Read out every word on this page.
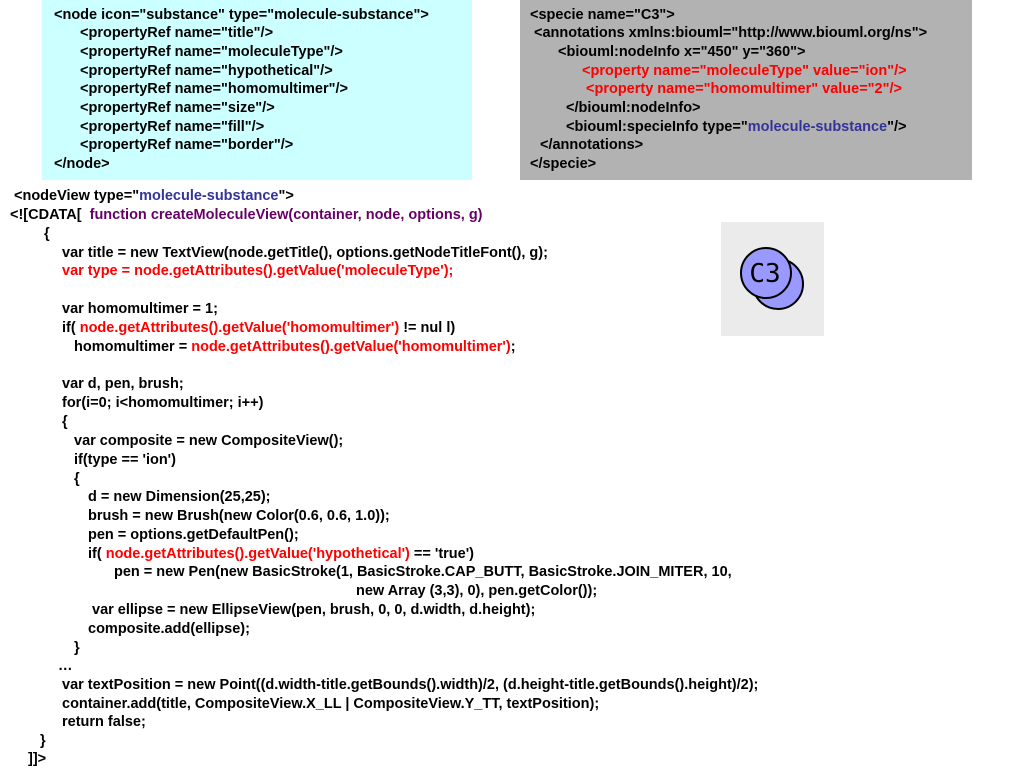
<node icon="substance" type="molecule-substance">
<propertyRef name="title"/>
<propertyRef name="moleculeType"/>
<propertyRef name="hypothetical"/>
<propertyRef name="homomultimer"/>
<propertyRef name="size"/>
<propertyRef name="fill"/>
<propertyRef name="border"/>
</node>
<specie name="C3">
<annotations xmlns:biouml="http://www.biouml.org/ns">
<biouml:nodeInfo x="450" y="360">
<property name="moleculeType" value="ion"/>
<property name="homomultimer" value="2"/>
</biouml:nodeInfo>
<biouml:specieInfo type="molecule-substance"/>
</annotations>
</specie>
<nodeView type="molecule-substance">
<![CDATA[ function createMoleculeView(container, node, options, g)
{
var title = new TextView(node.getTitle(), options.getNodeTitleFont(), g);
var type = node.getAttributes().getValue('moleculeType');
var homomultimer = 1;
if( node.getAttributes().getValue('homomultimer') != nul l)
homomultimer = node.getAttributes().getValue('homomultimer');
var d, pen, brush;
for(i=0; i<homomultimer; i++)
{
var composite = new CompositeView();
if(type == 'ion')
{
d = new Dimension(25,25);
brush = new Brush(new Color(0.6, 0.6, 1.0));
pen = options.getDefaultPen();
if( node.getAttributes().getValue('hypothetical') == 'true')
pen = new Pen(new BasicStroke(1, BasicStroke.CAP_BUTT, BasicStroke.JOIN_MITER, 10,
new Array (3,3), 0), pen.getColor());
var ellipse = new EllipseView(pen, brush, 0, 0, d.width, d.height);
composite.add(ellipse);
}
…
var textPosition = new Point((d.width-title.getBounds().width)/2, (d.height-title.getBounds().height)/2);
container.add(title, CompositeView.X_LL | CompositeView.Y_TT, textPosition);
return false;
}
]]>
C3
